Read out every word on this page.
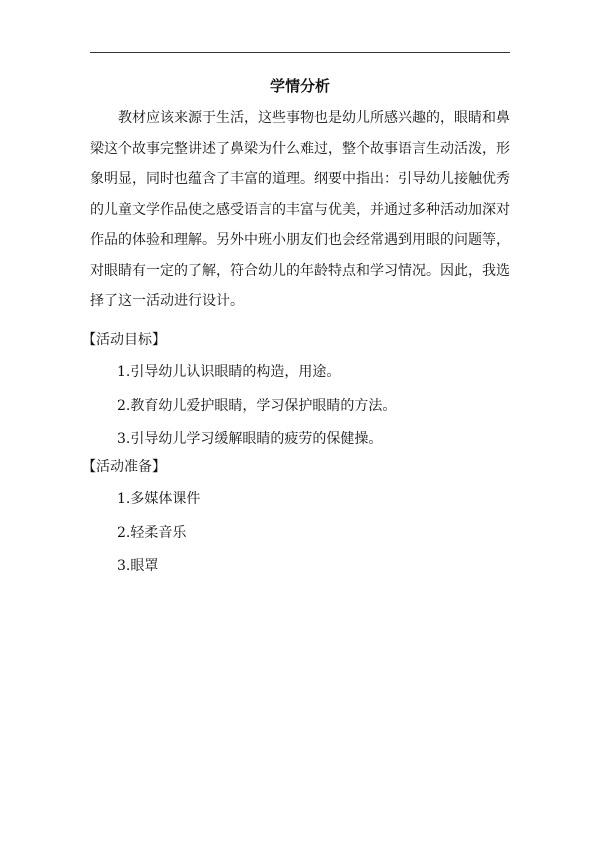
学情分析

教材应该来源于生活，这些事物也是幼儿所感兴趣的，眼睛和鼻梁这个故事完整讲述了鼻梁为什么难过，整个故事语言生动活泼，形象明显，同时也蕴含了丰富的道理。纲要中指出：引导幼儿接触优秀的儿童文学作品使之感受语言的丰富与优美，并通过多种活动加深对作品的体验和理解。另外中班小朋友们也会经常遇到用眼的问题等，对眼睛有一定的了解，符合幼儿的年龄特点和学习情况。因此，我选择了这一活动进行设计。

【活动目标】
1.引导幼儿认识眼睛的构造，用途。
2.教育幼儿爱护眼睛，学习保护眼睛的方法。
3.引导幼儿学习缓解眼睛的疲劳的保健操。
【活动准备】
1.多媒体课件
2.轻柔音乐
3.眼罩
